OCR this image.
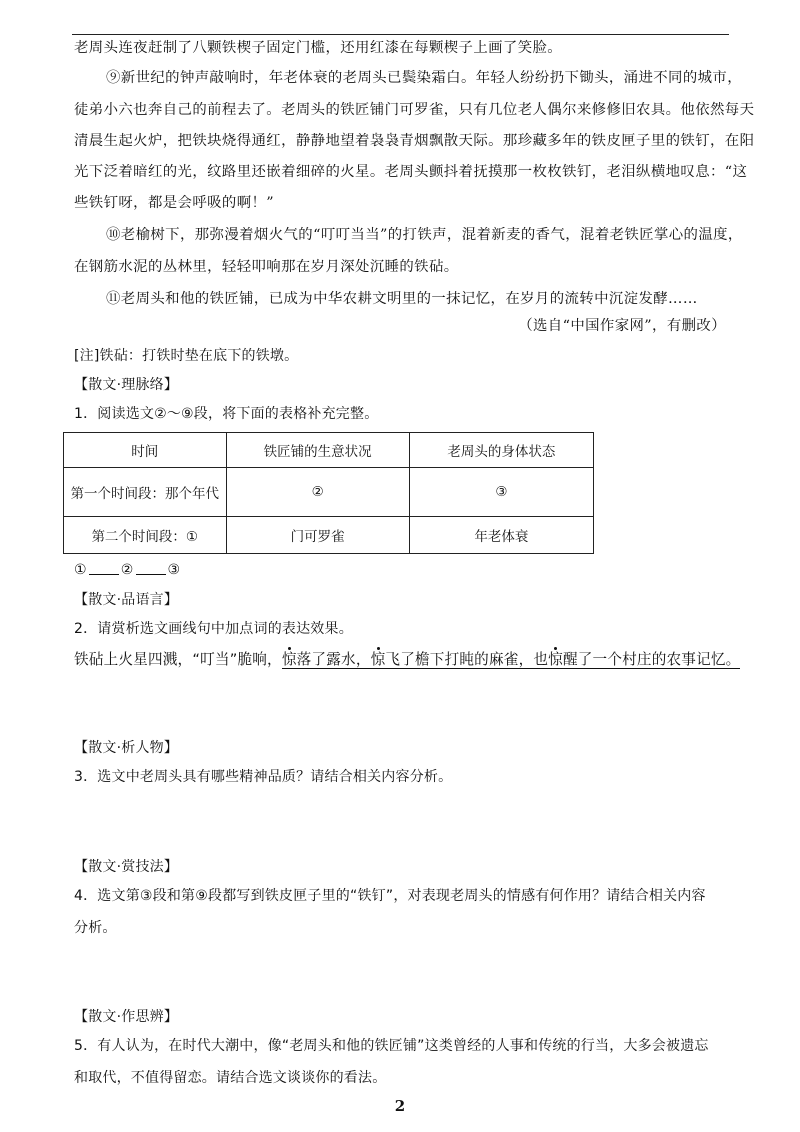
老周头连夜赶制了八颗铁楔子固定门槛，还用红漆在每颗楔子上画了笑脸。
⑨新世纪的钟声敲响时，年老体衰的老周头已鬓染霜白。年轻人纷纷扔下锄头，涌进不同的城市，
徒弟小六也奔自己的前程去了。老周头的铁匠铺门可罗雀，只有几位老人偶尔来修修旧农具。他依然每天
清晨生起火炉，把铁块烧得通红，静静地望着袅袅青烟飘散天际。那珍藏多年的铁皮匣子里的铁钉，在阳
光下泛着暗红的光，纹路里还嵌着细碎的火星。老周头颤抖着抚摸那一枚枚铁钉，老泪纵横地叹息：“这
些铁钉呀，都是会呼吸的啊！”
⑩老榆树下，那弥漫着烟火气的“叮叮当当”的打铁声，混着新麦的香气，混着老铁匠掌心的温度，
在钢筋水泥的丛林里，轻轻叩响那在岁月深处沉睡的铁砧。
⑪老周头和他的铁匠铺，已成为中华农耕文明里的一抹记忆，在岁月的流转中沉淀发酵……
（选自“中国作家网”，有删改）
[注]铁砧：打铁时垫在底下的铁墩。
【散文·理脉络】
1．阅读选文②～⑨段，将下面的表格补充完整。
时间	铁匠铺的生意状况	老周头的身体状态
第一个时间段：那个年代	②	③
第二个时间段：①	门可罗雀	年老体衰
① ② ③
【散文·品语言】
2．请赏析选文画线句中加点词的表达效果。
铁砧上火星四溅，“叮当”脆响，惊落了露水，惊飞了檐下打盹的麻雀，也惊醒了一个村庄的农事记忆。
【散文·析人物】
3．选文中老周头具有哪些精神品质？请结合相关内容分析。
【散文·赏技法】
4．选文第③段和第⑨段都写到铁皮匣子里的“铁钉”，对表现老周头的情感有何作用？请结合相关内容
分析。
【散文·作思辨】
5．有人认为，在时代大潮中，像“老周头和他的铁匠铺”这类曾经的人事和传统的行当，大多会被遗忘
和取代，不值得留恋。请结合选文谈谈你的看法。
2
